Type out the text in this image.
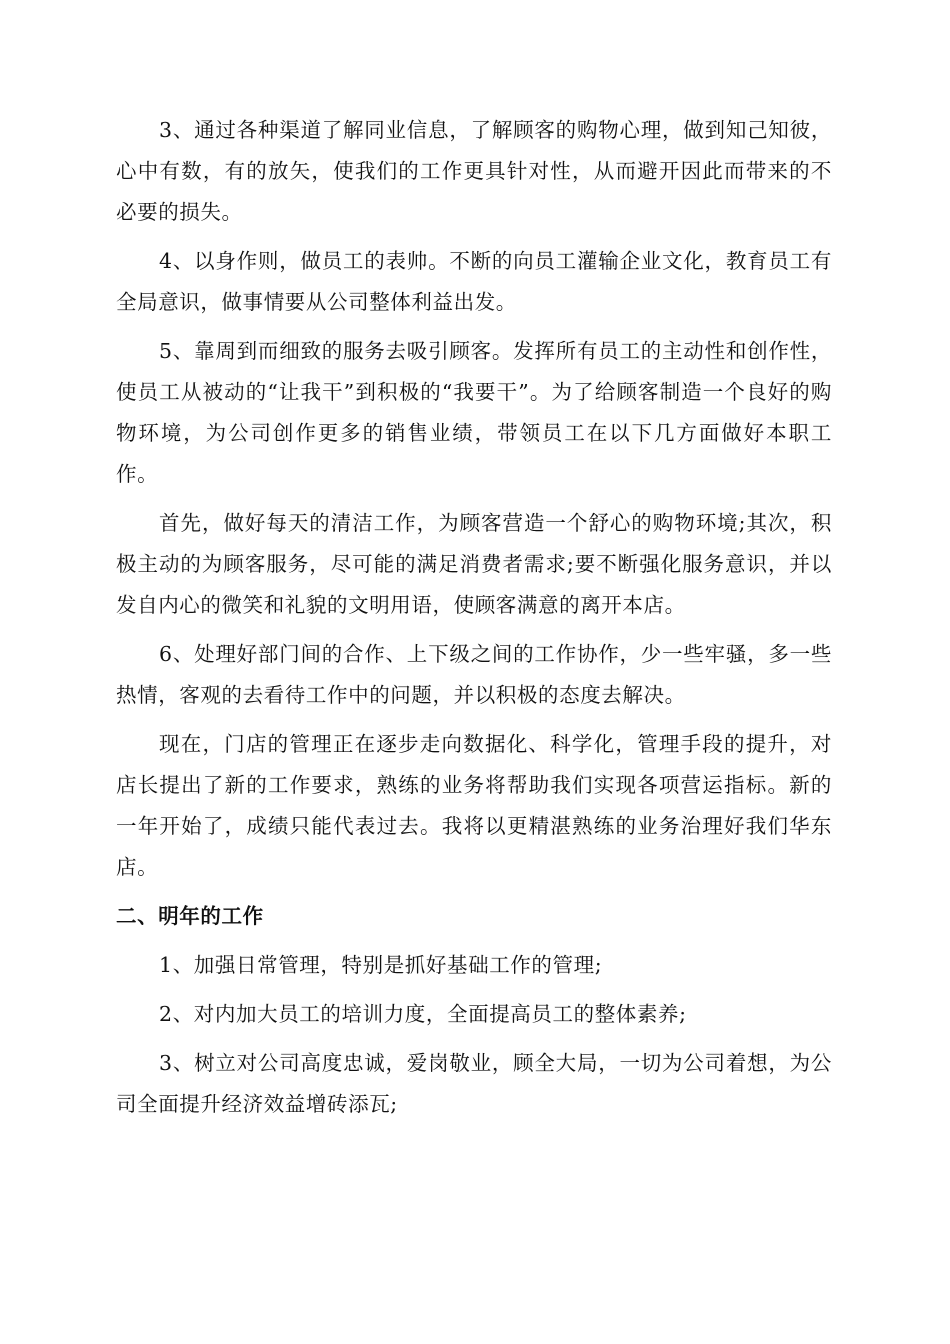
3、通过各种渠道了解同业信息，了解顾客的购物心理，做到知己知彼，心中有数，有的放矢，使我们的工作更具针对性，从而避开因此而带来的不必要的损失。

4、以身作则，做员工的表帅。不断的向员工灌输企业文化，教育员工有全局意识，做事情要从公司整体利益出发。

5、靠周到而细致的服务去吸引顾客。发挥所有员工的主动性和创作性，使员工从被动的“让我干”到积极的“我要干”。为了给顾客制造一个良好的购物环境，为公司创作更多的销售业绩，带领员工在以下几方面做好本职工作。

首先，做好每天的清洁工作，为顾客营造一个舒心的购物环境;其次，积极主动的为顾客服务，尽可能的满足消费者需求;要不断强化服务意识，并以发自内心的微笑和礼貌的文明用语，使顾客满意的离开本店。

6、处理好部门间的合作、上下级之间的工作协作，少一些牢骚，多一些热情，客观的去看待工作中的问题，并以积极的态度去解决。

现在，门店的管理正在逐步走向数据化、科学化，管理手段的提升，对店长提出了新的工作要求，熟练的业务将帮助我们实现各项营运指标。新的一年开始了，成绩只能代表过去。我将以更精湛熟练的业务治理好我们华东店。

二、明年的工作

1、加强日常管理，特别是抓好基础工作的管理;

2、对内加大员工的培训力度，全面提高员工的整体素养;

3、树立对公司高度忠诚，爱岗敬业，顾全大局，一切为公司着想，为公司全面提升经济效益增砖添瓦;
